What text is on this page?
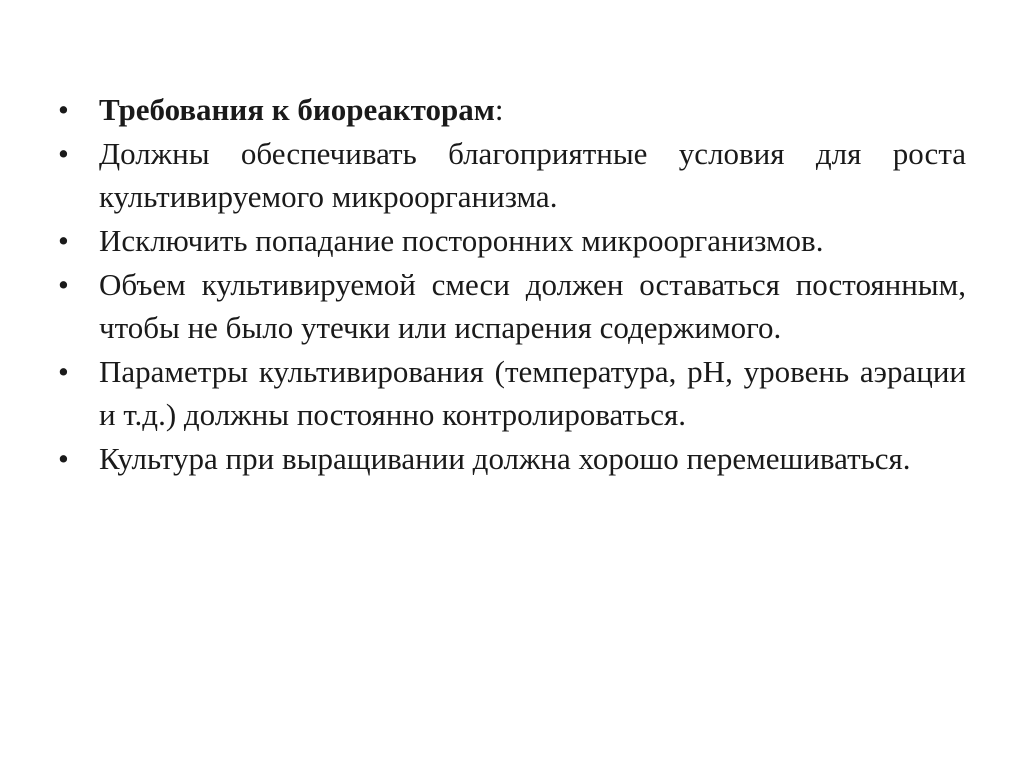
• Требования к биореакторам:
• Должны обеспечивать благоприятные условия для роста культивируемого микроорганизма.
• Исключить попадание посторонних микроорганизмов.
• Объем культивируемой смеси должен оставаться постоянным, чтобы не было утечки или испарения содержимого.
• Параметры культивирования (температура, pH, уровень аэрации и т.д.) должны постоянно контролироваться.
• Культура при выращивании должна хорошо перемешиваться.
